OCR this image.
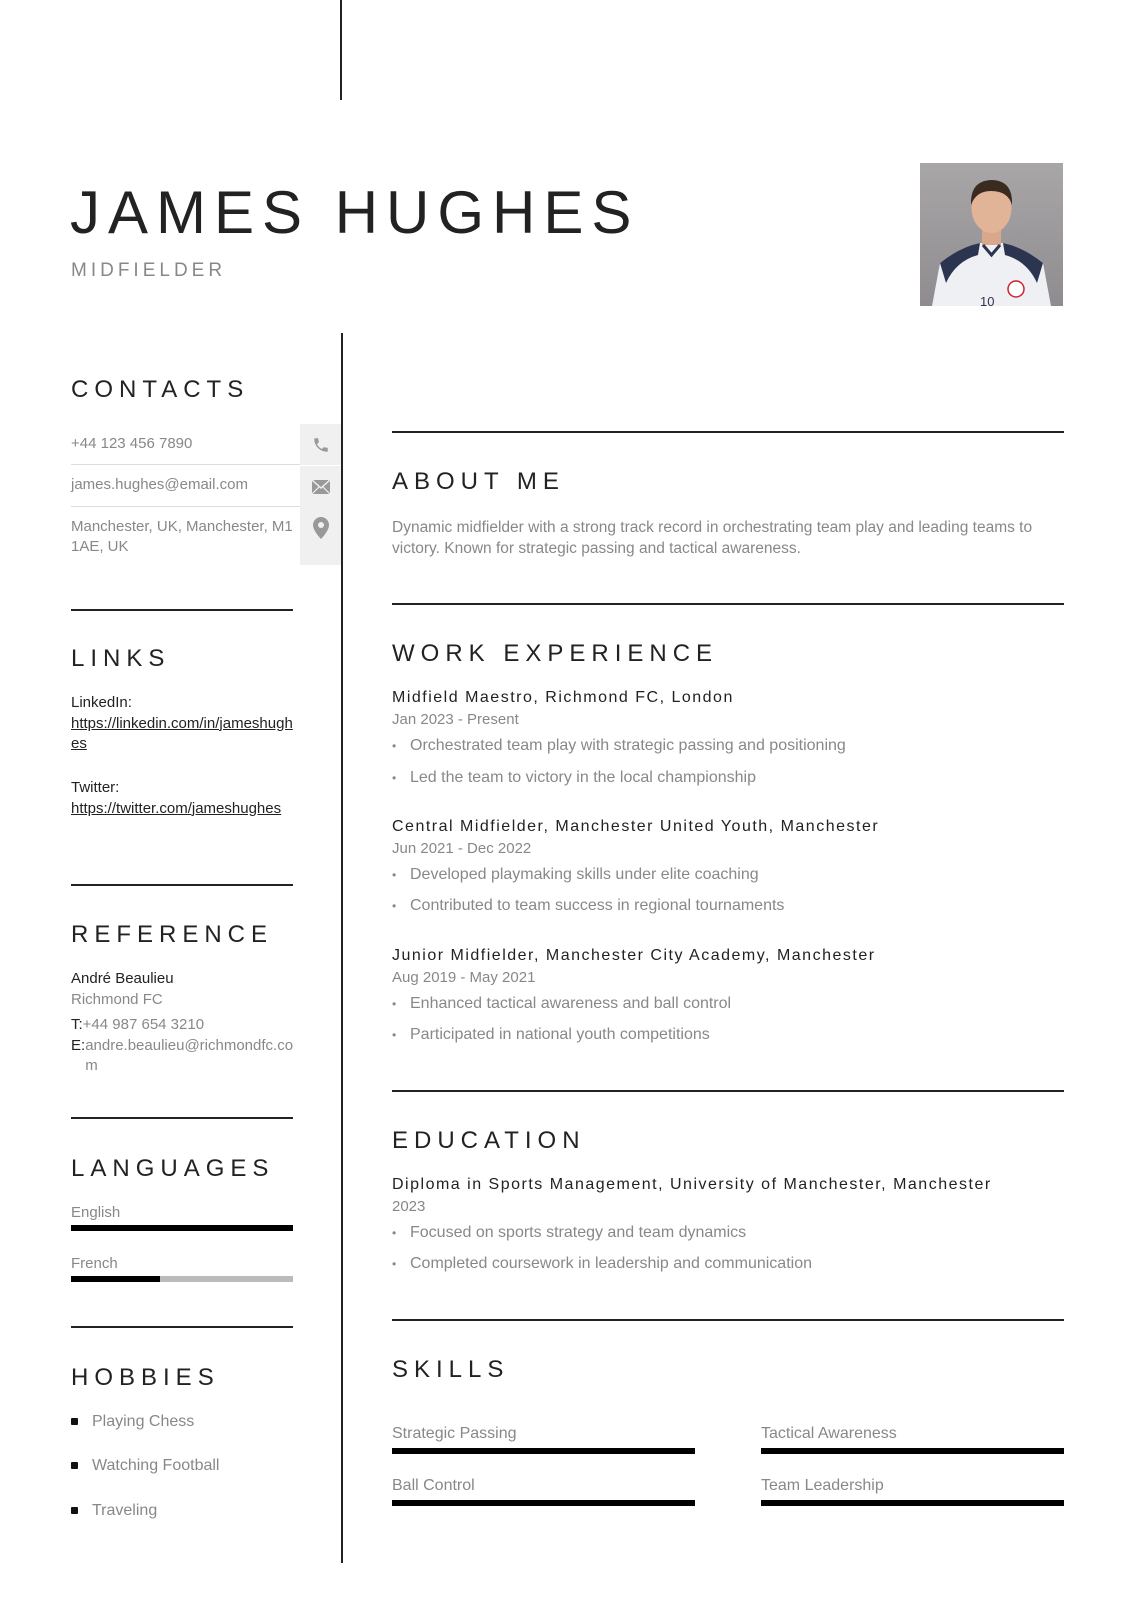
JAMES HUGHES
MIDFIELDER
10
CONTACTS
+44 123 456 7890
james.hughes@email.com
Manchester, UK, Manchester, M1 1AE, UK
LINKS
LinkedIn:
https://linkedin.com/in/jameshughes
Twitter:
https://twitter.com/jameshughes
REFERENCE
André Beaulieu
Richmond FC
T:+44 987 654 3210
E: andre.beaulieu@richmondfc.com
LANGUAGES
English
French
HOBBIES
Playing Chess
Watching Football
Traveling
ABOUT ME
Dynamic midfielder with a strong track record in orchestrating team play and leading teams to victory. Known for strategic passing and tactical awareness.
WORK EXPERIENCE
Midfield Maestro, Richmond FC, London
Jan 2023 - Present
• Orchestrated team play with strategic passing and positioning
• Led the team to victory in the local championship
Central Midfielder, Manchester United Youth, Manchester
Jun 2021 - Dec 2022
• Developed playmaking skills under elite coaching
• Contributed to team success in regional tournaments
Junior Midfielder, Manchester City Academy, Manchester
Aug 2019 - May 2021
• Enhanced tactical awareness and ball control
• Participated in national youth competitions
EDUCATION
Diploma in Sports Management, University of Manchester, Manchester
2023
• Focused on sports strategy and team dynamics
• Completed coursework in leadership and communication
SKILLS
Strategic Passing	Tactical Awareness
Ball Control	Team Leadership
